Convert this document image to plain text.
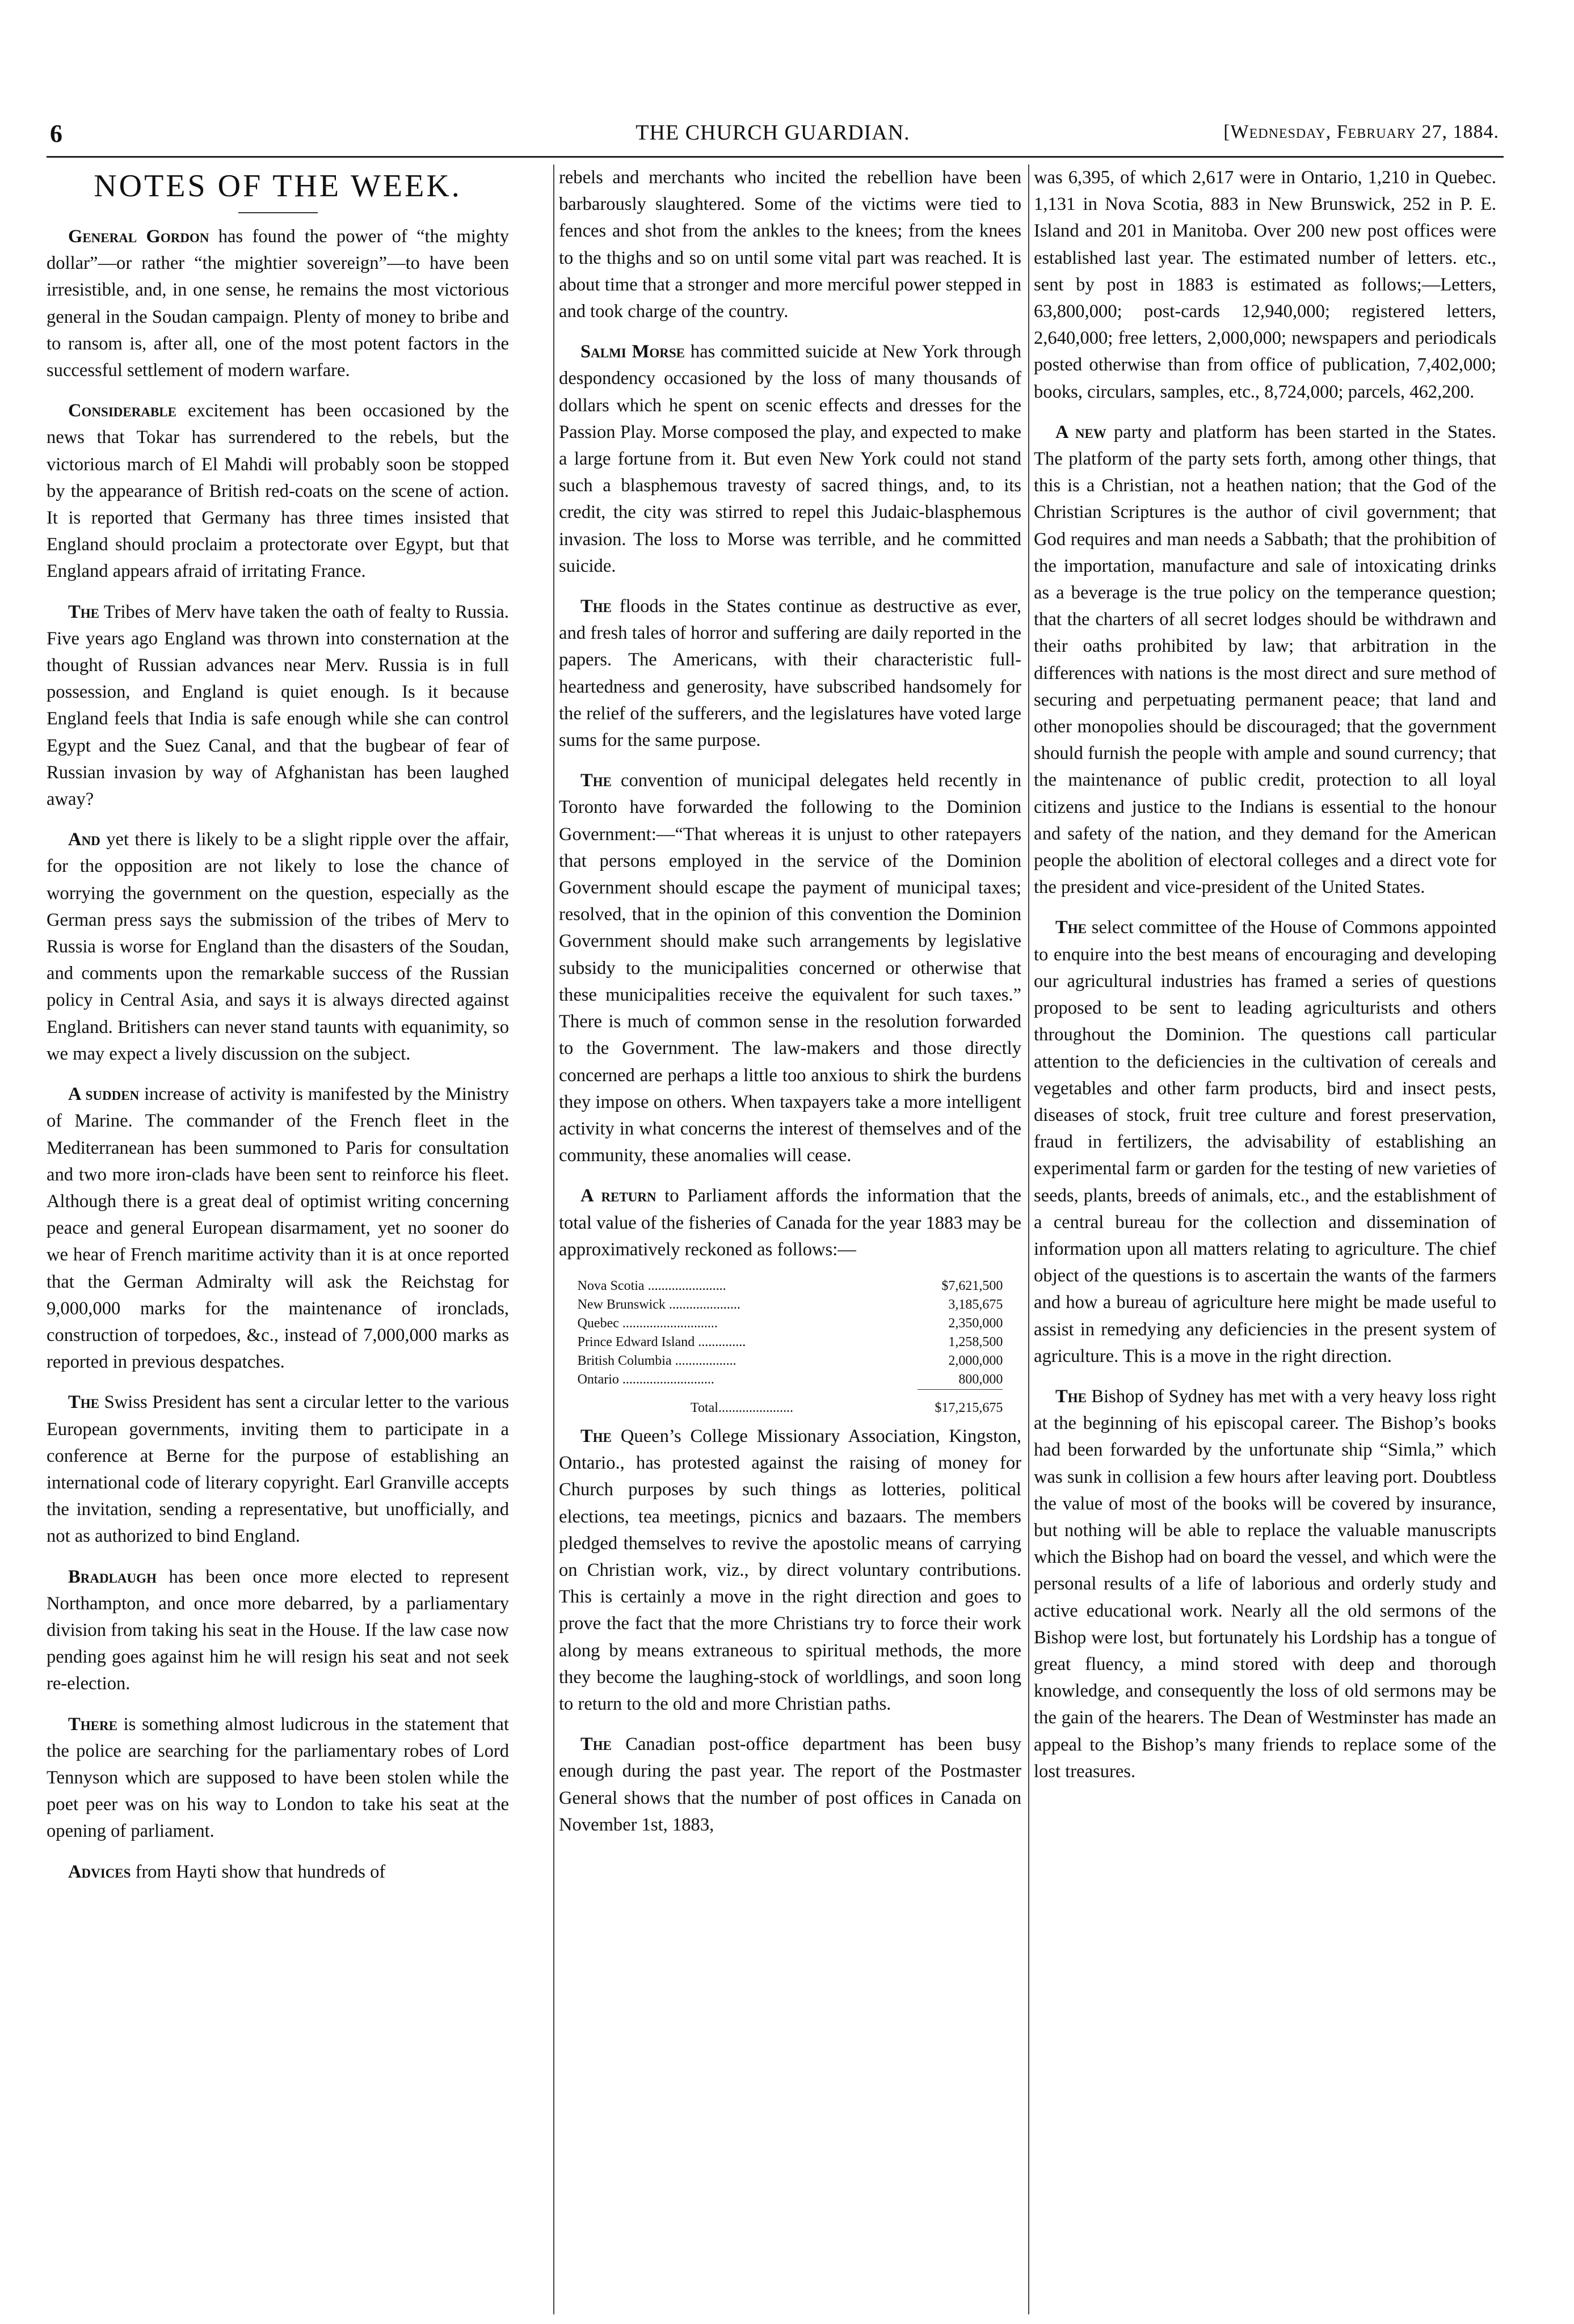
6	THE CHURCH GUARDIAN.	[Wednesday, February 27, 1884.
NOTES OF THE WEEK.

General Gordon has found the power of “the mighty dollar”—or rather “the mightier sovereign”—to have been irresistible, and, in one sense, he remains the most victorious general in the Soudan campaign. Plenty of money to bribe and to ransom is, after all, one of the most potent factors in the successful settlement of modern warfare.

Considerable excitement has been occasioned by the news that Tokar has surrendered to the rebels, but the victorious march of El Mahdi will probably soon be stopped by the appearance of British red-coats on the scene of action. It is reported that Germany has three times insisted that England should proclaim a protectorate over Egypt, but that England appears afraid of irritating France.

The Tribes of Merv have taken the oath of fealty to Russia. Five years ago England was thrown into consternation at the thought of Russian advances near Merv. Russia is in full possession, and England is quiet enough. Is it because England feels that India is safe enough while she can control Egypt and the Suez Canal, and that the bugbear of fear of Russian invasion by way of Afghanistan has been laughed away?

And yet there is likely to be a slight ripple over the affair, for the opposition are not likely to lose the chance of worrying the government on the question, especially as the German press says the submission of the tribes of Merv to Russia is worse for England than the disasters of the Soudan, and comments upon the remarkable success of the Russian policy in Central Asia, and says it is always directed against England. Britishers can never stand taunts with equanimity, so we may expect a lively discussion on the subject.

A sudden increase of activity is manifested by the Ministry of Marine. The commander of the French fleet in the Mediterranean has been summoned to Paris for consultation and two more iron-clads have been sent to reinforce his fleet. Although there is a great deal of optimist writing concerning peace and general European disarmament, yet no sooner do we hear of French maritime activity than it is at once reported that the German Admiralty will ask the Reichstag for 9,000,000 marks for the maintenance of ironclads, construction of torpedoes, &c., instead of 7,000,000 marks as reported in previous despatches.

The Swiss President has sent a circular letter to the various European governments, inviting them to participate in a conference at Berne for the purpose of establishing an international code of literary copyright. Earl Granville accepts the invitation, sending a representative, but unofficially, and not as authorized to bind England.

Bradlaugh has been once more elected to represent Northampton, and once more debarred, by a parliamentary division from taking his seat in the House. If the law case now pending goes against him he will resign his seat and not seek re-election.

There is something almost ludicrous in the statement that the police are searching for the parliamentary robes of Lord Tennyson which are supposed to have been stolen while the poet peer was on his way to London to take his seat at the opening of parliament.

Advices from Hayti show that hundreds of

rebels and merchants who incited the rebellion have been barbarously slaughtered. Some of the victims were tied to fences and shot from the ankles to the knees; from the knees to the thighs and so on until some vital part was reached. It is about time that a stronger and more merciful power stepped in and took charge of the country.

Salmi Morse has committed suicide at New York through despondency occasioned by the loss of many thousands of dollars which he spent on scenic effects and dresses for the Passion Play. Morse composed the play, and expected to make a large fortune from it. But even New York could not stand such a blasphemous travesty of sacred things, and, to its credit, the city was stirred to repel this Judaic-blasphemous invasion. The loss to Morse was terrible, and he committed suicide.

The floods in the States continue as destructive as ever, and fresh tales of horror and suffering are daily reported in the papers. The Americans, with their characteristic full-heartedness and generosity, have subscribed handsomely for the relief of the sufferers, and the legislatures have voted large sums for the same purpose.

The convention of municipal delegates held recently in Toronto have forwarded the following to the Dominion Government:—“That whereas it is unjust to other ratepayers that persons employed in the service of the Dominion Government should escape the payment of municipal taxes; resolved, that in the opinion of this convention the Dominion Government should make such arrangements by legislative subsidy to the municipalities concerned or otherwise that these municipalities receive the equivalent for such taxes.” There is much of common sense in the resolution forwarded to the Government. The law-makers and those directly concerned are perhaps a little too anxious to shirk the burdens they impose on others. When taxpayers take a more intelligent activity in what concerns the interest of themselves and of the community, these anomalies will cease.

A return to Parliament affords the information that the total value of the fisheries of Canada for the year 1883 may be approximatively reckoned as follows:—

Nova Scotia .......................	$7,621,500
New Brunswick .....................	3,185,675
Quebec ............................	2,350,000
Prince Edward Island ..............	1,258,500
British Columbia ..................	2,000,000
Ontario ...........................	800,000

Total......................	$17,215,675

The Queen’s College Missionary Association, Kingston, Ontario., has protested against the raising of money for Church purposes by such things as lotteries, political elections, tea meetings, picnics and bazaars. The members pledged themselves to revive the apostolic means of carrying on Christian work, viz., by direct voluntary contributions. This is certainly a move in the right direction and goes to prove the fact that the more Christians try to force their work along by means extraneous to spiritual methods, the more they become the laughing-stock of worldlings, and soon long to return to the old and more Christian paths.

The Canadian post-office department has been busy enough during the past year. The report of the Postmaster General shows that the number of post offices in Canada on November 1st, 1883,

was 6,395, of which 2,617 were in Ontario, 1,210 in Quebec. 1,131 in Nova Scotia, 883 in New Brunswick, 252 in P. E. Island and 201 in Manitoba. Over 200 new post offices were established last year. The estimated number of letters. etc., sent by post in 1883 is estimated as follows;—Letters, 63,800,000; post-cards 12,940,000; registered letters, 2,640,000; free letters, 2,000,000; newspapers and periodicals posted otherwise than from office of publication, 7,402,000; books, circulars, samples, etc., 8,724,000; parcels, 462,200.

A new party and platform has been started in the States. The platform of the party sets forth, among other things, that this is a Christian, not a heathen nation; that the God of the Christian Scriptures is the author of civil government; that God requires and man needs a Sabbath; that the prohibition of the importation, manufacture and sale of intoxicating drinks as a beverage is the true policy on the temperance question; that the charters of all secret lodges should be withdrawn and their oaths prohibited by law; that arbitration in the differences with nations is the most direct and sure method of securing and perpetuating permanent peace; that land and other monopolies should be discouraged; that the government should furnish the people with ample and sound currency; that the maintenance of public credit, protection to all loyal citizens and justice to the Indians is essential to the honour and safety of the nation, and they demand for the American people the abolition of electoral colleges and a direct vote for the president and vice-president of the United States.

The select committee of the House of Commons appointed to enquire into the best means of encouraging and developing our agricultural industries has framed a series of questions proposed to be sent to leading agriculturists and others throughout the Dominion. The questions call particular attention to the deficiencies in the cultivation of cereals and vegetables and other farm products, bird and insect pests, diseases of stock, fruit tree culture and forest preservation, fraud in fertilizers, the advisability of establishing an experimental farm or garden for the testing of new varieties of seeds, plants, breeds of animals, etc., and the establishment of a central bureau for the collection and dissemination of information upon all matters relating to agriculture. The chief object of the questions is to ascertain the wants of the farmers and how a bureau of agriculture here might be made useful to assist in remedying any deficiencies in the present system of agriculture. This is a move in the right direction.

The Bishop of Sydney has met with a very heavy loss right at the beginning of his episcopal career. The Bishop’s books had been forwarded by the unfortunate ship “Simla,” which was sunk in collision a few hours after leaving port. Doubtless the value of most of the books will be covered by insurance, but nothing will be able to replace the valuable manuscripts which the Bishop had on board the vessel, and which were the personal results of a life of laborious and orderly study and active educational work. Nearly all the old sermons of the Bishop were lost, but fortunately his Lordship has a tongue of great fluency, a mind stored with deep and thorough knowledge, and consequently the loss of old sermons may be the gain of the hearers. The Dean of Westminster has made an appeal to the Bishop’s many friends to replace some of the lost treasures.
